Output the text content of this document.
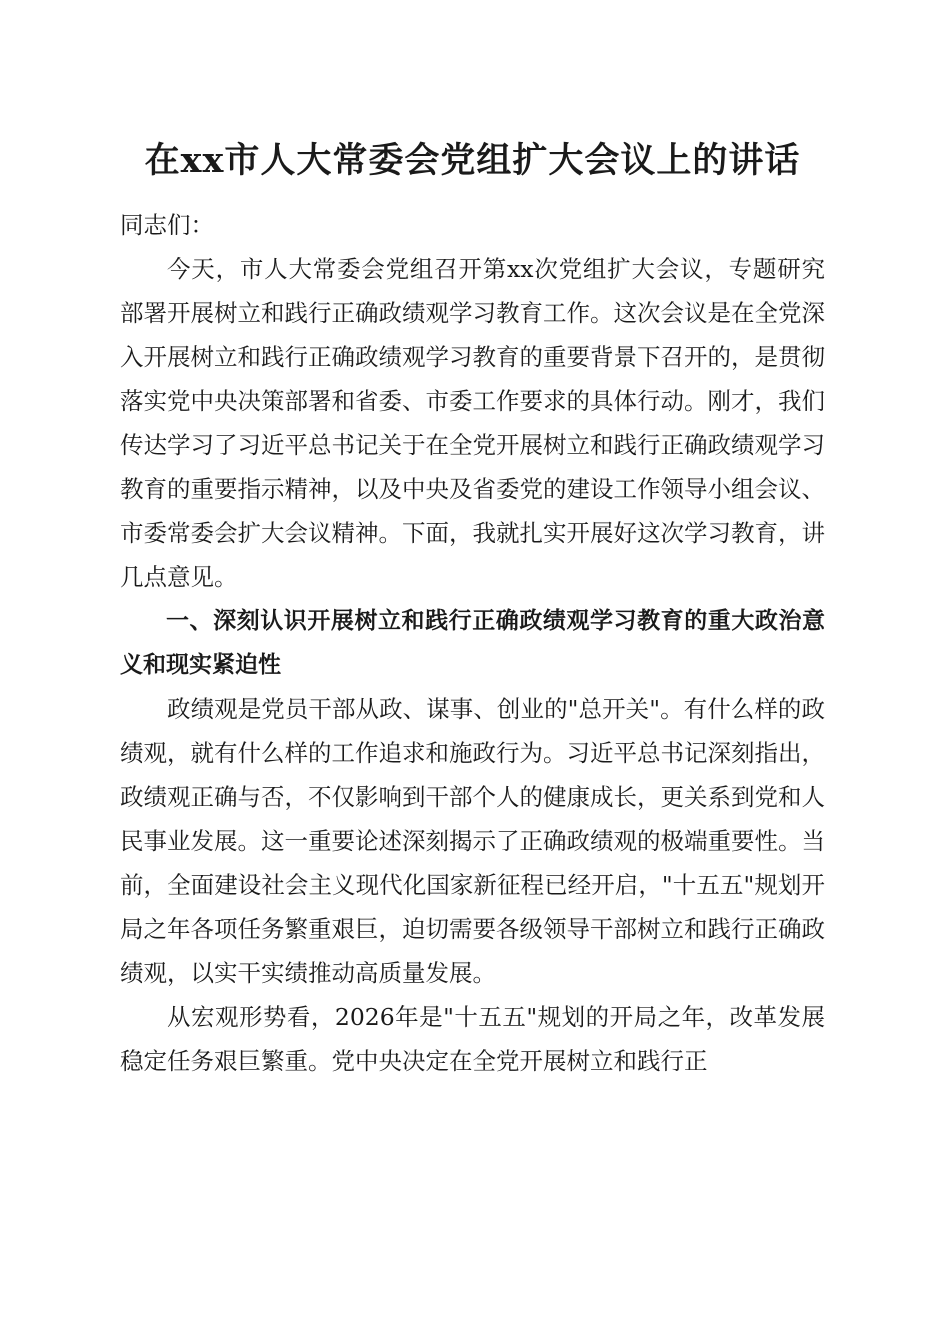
在xx市人大常委会党组扩大会议上的讲话

同志们：

今天，市人大常委会党组召开第xx次党组扩大会议，专题研究部署开展树立和践行正确政绩观学习教育工作。这次会议是在全党深入开展树立和践行正确政绩观学习教育的重要背景下召开的，是贯彻落实党中央决策部署和省委、市委工作要求的具体行动。刚才，我们传达学习了习近平总书记关于在全党开展树立和践行正确政绩观学习教育的重要指示精神，以及中央及省委党的建设工作领导小组会议、市委常委会扩大会议精神。下面，我就扎实开展好这次学习教育，讲几点意见。

一、深刻认识开展树立和践行正确政绩观学习教育的重大政治意义和现实紧迫性

政绩观是党员干部从政、谋事、创业的"总开关"。有什么样的政绩观，就有什么样的工作追求和施政行为。习近平总书记深刻指出，政绩观正确与否，不仅影响到干部个人的健康成长，更关系到党和人民事业发展。这一重要论述深刻揭示了正确政绩观的极端重要性。当前，全面建设社会主义现代化国家新征程已经开启，"十五五"规划开局之年各项任务繁重艰巨，迫切需要各级领导干部树立和践行正确政绩观，以实干实绩推动高质量发展。

从宏观形势看，2026年是"十五五"规划的开局之年，改革发展稳定任务艰巨繁重。党中央决定在全党开展树立和践行正
